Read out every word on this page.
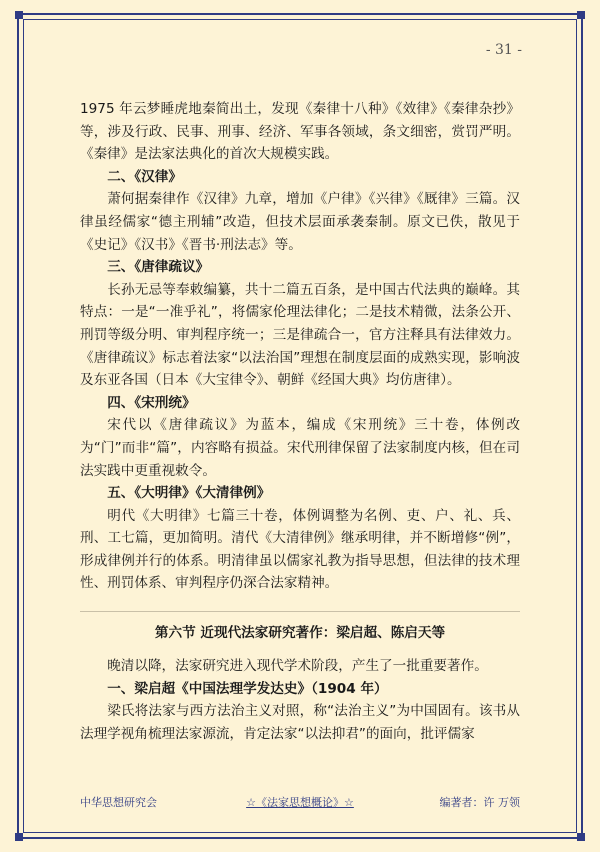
- 31 -

1975 年云梦睡虎地秦简出土，发现《秦律十八种》《效律》《秦律杂抄》等，涉及行政、民事、刑事、经济、军事各领域，条文细密，赏罚严明。《秦律》是法家法典化的首次大规模实践。

二、《汉律》

萧何据秦律作《汉律》九章，增加《户律》《兴律》《厩律》三篇。汉律虽经儒家“德主刑辅”改造，但技术层面承袭秦制。原文已佚，散见于《史记》《汉书》《晋书·刑法志》等。

三、《唐律疏议》

长孙无忌等奉敕编纂，共十二篇五百条，是中国古代法典的巅峰。其特点：一是“一准乎礼”，将儒家伦理法律化；二是技术精微，法条公开、刑罚等级分明、审判程序统一；三是律疏合一，官方注释具有法律效力。《唐律疏议》标志着法家“以法治国”理想在制度层面的成熟实现，影响波及东亚各国（日本《大宝律令》、朝鲜《经国大典》均仿唐律）。

四、《宋刑统》

宋代以《唐律疏议》为蓝本，编成《宋刑统》三十卷，体例改为“门”而非“篇”，内容略有损益。宋代刑律保留了法家制度内核，但在司法实践中更重视敕令。

五、《大明律》《大清律例》

明代《大明律》七篇三十卷，体例调整为名例、吏、户、礼、兵、刑、工七篇，更加简明。清代《大清律例》继承明律，并不断增修“例”，形成律例并行的体系。明清律虽以儒家礼教为指导思想，但法律的技术理性、刑罚体系、审判程序仍深合法家精神。

第六节 近现代法家研究著作：梁启超、陈启天等

晚清以降，法家研究进入现代学术阶段，产生了一批重要著作。

一、梁启超《中国法理学发达史》（1904 年）

梁氏将法家与西方法治主义对照，称“法治主义”为中国固有。该书从法理学视角梳理法家源流，肯定法家“以法抑君”的面向，批评儒家

中华思想研究会	☆《法家思想概论》☆	编著者：许 万领
